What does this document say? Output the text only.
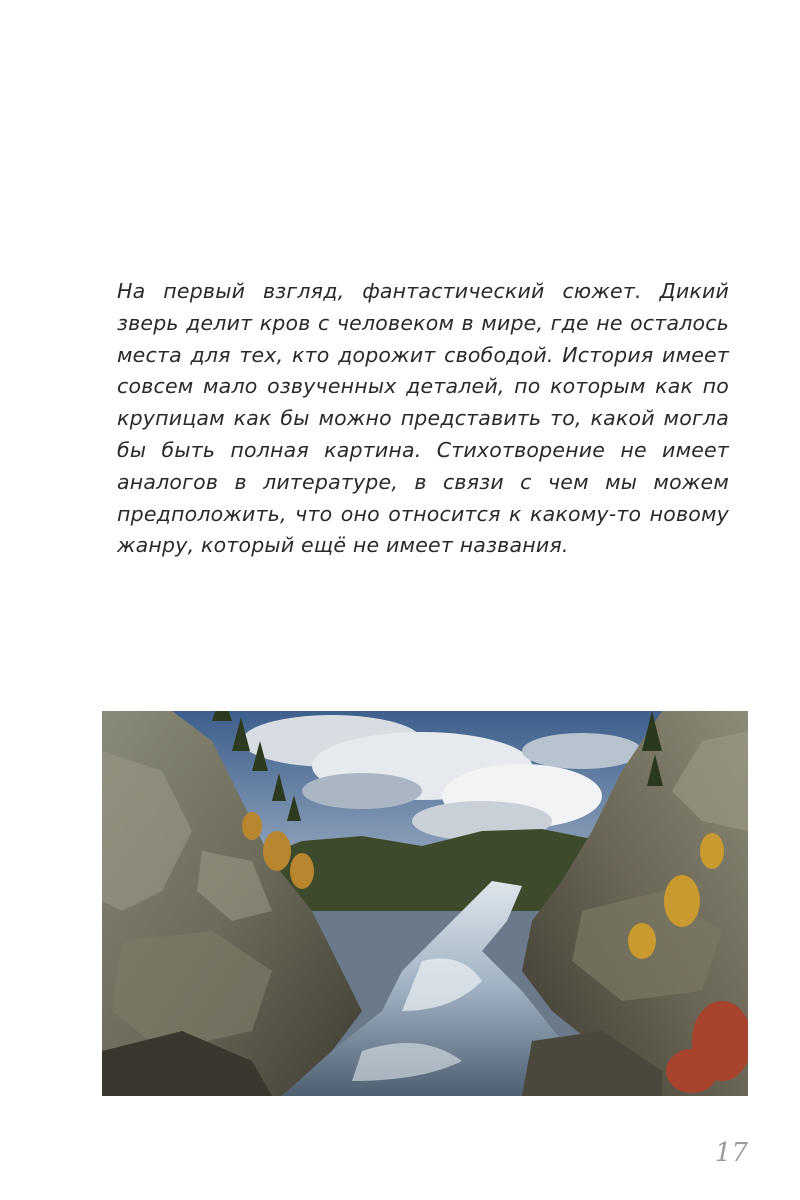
На первый взгляд, фантастический сюжет. Дикий зверь делит кров с человеком в мире, где не осталось места для тех, кто дорожит свободой. История имеет совсем мало озвученных деталей, по которым как по крупицам как бы можно представить то, какой могла бы быть полная картина. Стихотворение не имеет аналогов в литературе, в связи с чем мы можем предположить, что оно относится к какому-то новому жанру, который ещё не имеет названия.

17
